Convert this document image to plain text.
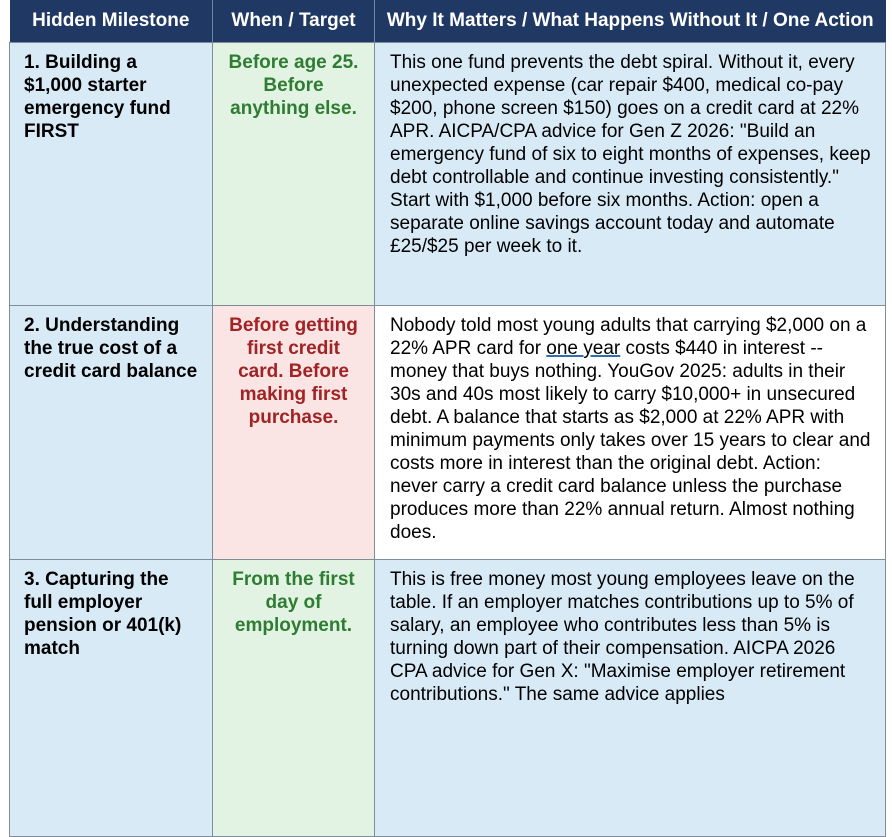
Hidden Milestone	When / Target	Why It Matters / What Happens Without It / One Action
1. Building a $1,000 starter emergency fund FIRST	Before age 25. Before anything else.	This one fund prevents the debt spiral. Without it, every unexpected expense (car repair $400, medical co-pay $200, phone screen $150) goes on a credit card at 22% APR. AICPA/CPA advice for Gen Z 2026: "Build an emergency fund of six to eight months of expenses, keep debt controllable and continue investing consistently." Start with $1,000 before six months. Action: open a separate online savings account today and automate £25/$25 per week to it.
2. Understanding the true cost of a credit card balance	Before getting first credit card. Before making first purchase.	Nobody told most young adults that carrying $2,000 on a 22% APR card for one year costs $440 in interest -- money that buys nothing. YouGov 2025: adults in their 30s and 40s most likely to carry $10,000+ in unsecured debt. A balance that starts as $2,000 at 22% APR with minimum payments only takes over 15 years to clear and costs more in interest than the original debt. Action: never carry a credit card balance unless the purchase produces more than 22% annual return. Almost nothing does.
3. Capturing the full employer pension or 401(k) match	From the first day of employment.	This is free money most young employees leave on the table. If an employer matches contributions up to 5% of salary, an employee who contributes less than 5% is turning down part of their compensation. AICPA 2026 CPA advice for Gen X: "Maximise employer retirement contributions." The same advice applies
